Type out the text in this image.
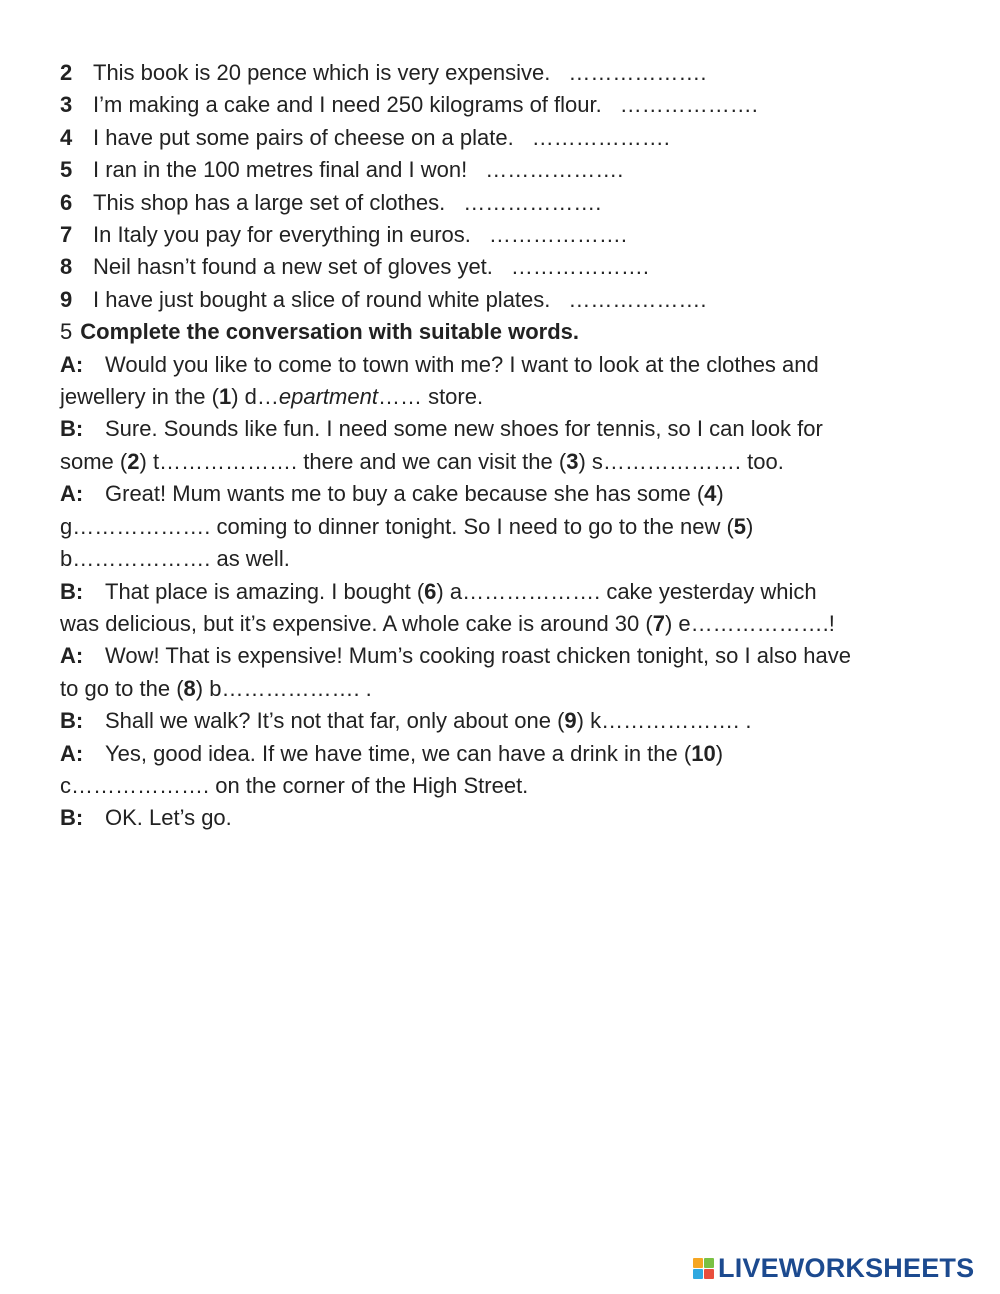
2 This book is 20 pence which is very expensive. ……………….
3 I’m making a cake and I need 250 kilograms of flour. ……………….
4 I have put some pairs of cheese on a plate. ……………….
5 I ran in the 100 metres final and I won! ……………….
6 This shop has a large set of clothes. ……………….
7 In Italy you pay for everything in euros. ……………….
8 Neil hasn’t found a new set of gloves yet. ……………….
9 I have just bought a slice of round white plates. ……………….
5 Complete the conversation with suitable words.
A: Would you like to come to town with me? I want to look at the clothes and
jewellery in the (1) d…epartment…… store.
B: Sure. Sounds like fun. I need some new shoes for tennis, so I can look for
some (2) t………………. there and we can visit the (3) s………………. too.
A: Great! Mum wants me to buy a cake because she has some (4)
g………………. coming to dinner tonight. So I need to go to the new (5)
b………………. as well.
B: That place is amazing. I bought (6) a………………. cake yesterday which
was delicious, but it’s expensive. A whole cake is around 30 (7) e……………….!
A: Wow! That is expensive! Mum’s cooking roast chicken tonight, so I also have
to go to the (8) b………………. .
B: Shall we walk? It’s not that far, only about one (9) k………………. .
A: Yes, good idea. If we have time, we can have a drink in the (10)
c………………. on the corner of the High Street.
B: OK. Let’s go.
LIVEWORKSHEETS
